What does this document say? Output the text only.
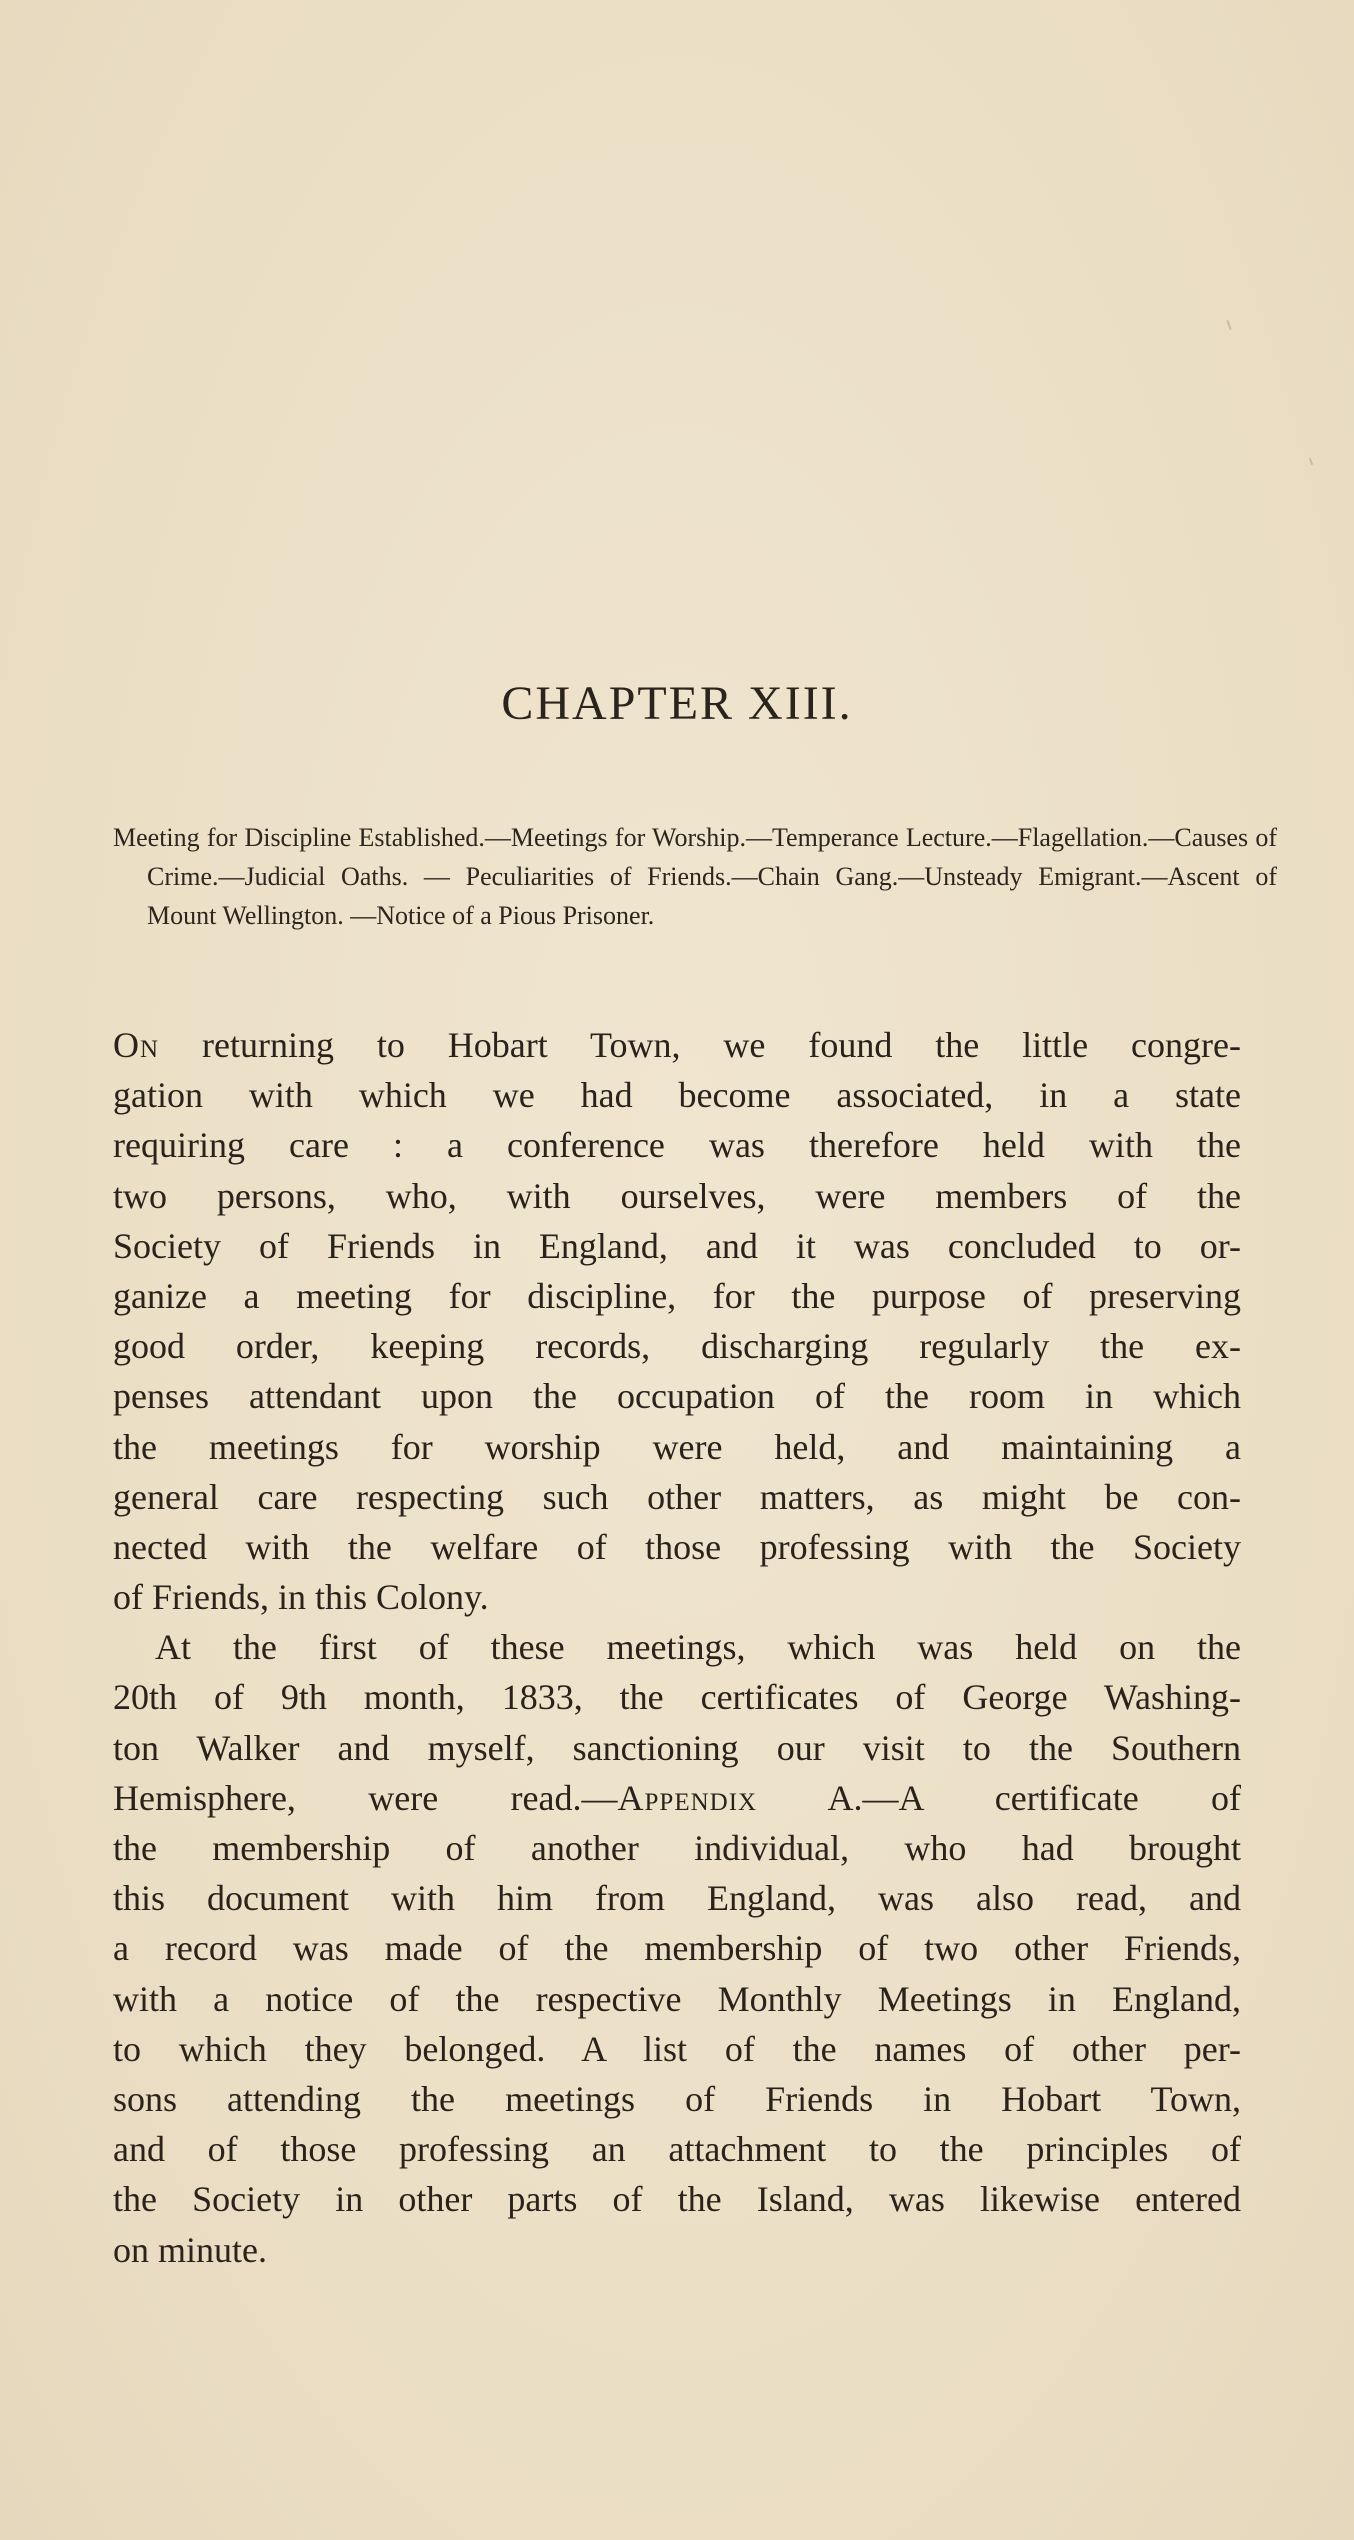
CHAPTER XIII.

Meeting for Discipline Established.—Meetings for Worship.—Temperance Lecture.—Flagellation.—Causes of Crime.—Judicial Oaths. — Peculiarities of Friends.—Chain Gang.—Unsteady Emigrant.—Ascent of Mount Wellington. —Notice of a Pious Prisoner.

On returning to Hobart Town, we found the little congre-
gation with which we had become associated, in a state
requiring care : a conference was therefore held with the
two persons, who, with ourselves, were members of the
Society of Friends in England, and it was concluded to or-
ganize a meeting for discipline, for the purpose of preserving
good order, keeping records, discharging regularly the ex-
penses attendant upon the occupation of the room in which
the meetings for worship were held, and maintaining a
general care respecting such other matters, as might be con-
nected with the welfare of those professing with the Society
of Friends, in this Colony.
At the first of these meetings, which was held on the
20th of 9th month, 1833, the certificates of George Washing-
ton Walker and myself, sanctioning our visit to the Southern
Hemisphere, were read.—Appendix A.—A certificate of
the membership of another individual, who had brought
this document with him from England, was also read, and
a record was made of the membership of two other Friends,
with a notice of the respective Monthly Meetings in England,
to which they belonged. A list of the names of other per-
sons attending the meetings of Friends in Hobart Town,
and of those professing an attachment to the principles of
the Society in other parts of the Island, was likewise entered
on minute.
